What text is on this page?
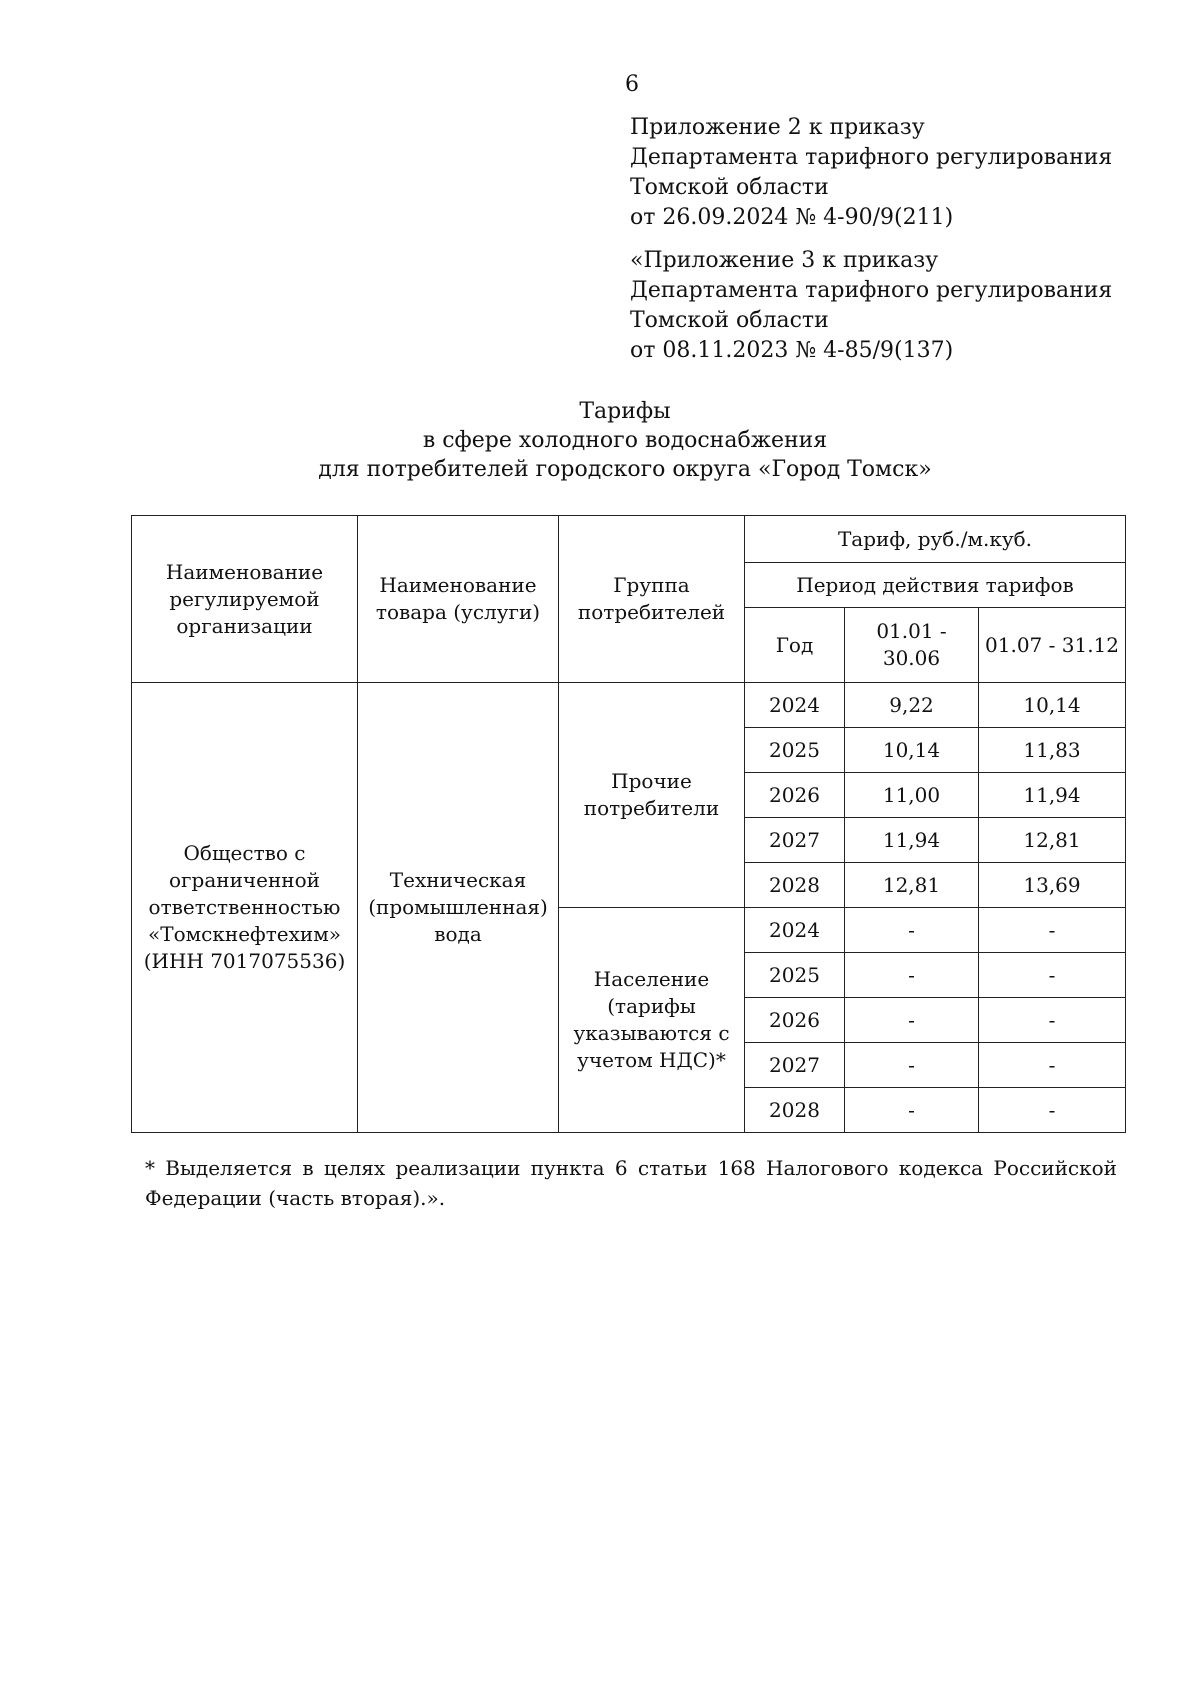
6
Приложение 2 к приказу
Департамента тарифного регулирования
Томской области
от 26.09.2024 № 4-90/9(211)
«Приложение 3 к приказу
Департамента тарифного регулирования
Томской области
от 08.11.2023 № 4-85/9(137)
Тарифы
в сфере холодного водоснабжения
для потребителей городского округа «Город Томск»
Наименование регулируемой организации	Наименование товара (услуги)	Группа потребителей	Тариф, руб./м.куб.		
			Период действия тарифов		
			Год	01.01 - 30.06	01.07 - 31.12
Общество с ограниченной ответственностью «Томскнефтехим» (ИНН 7017075536)	Техническая (промышленная) вода	Прочие потребители	2024	9,22	10,14
			2025	10,14	11,83
			2026	11,00	11,94
			2027	11,94	12,81
			2028	12,81	13,69
		Население (тарифы указываются с учетом НДС)*	2024	-	-
			2025	-	-
			2026	-	-
			2027	-	-
			2028	-	-
* Выделяется в целях реализации пункта 6 статьи 168 Налогового кодекса Российской Федерации (часть вторая).».
